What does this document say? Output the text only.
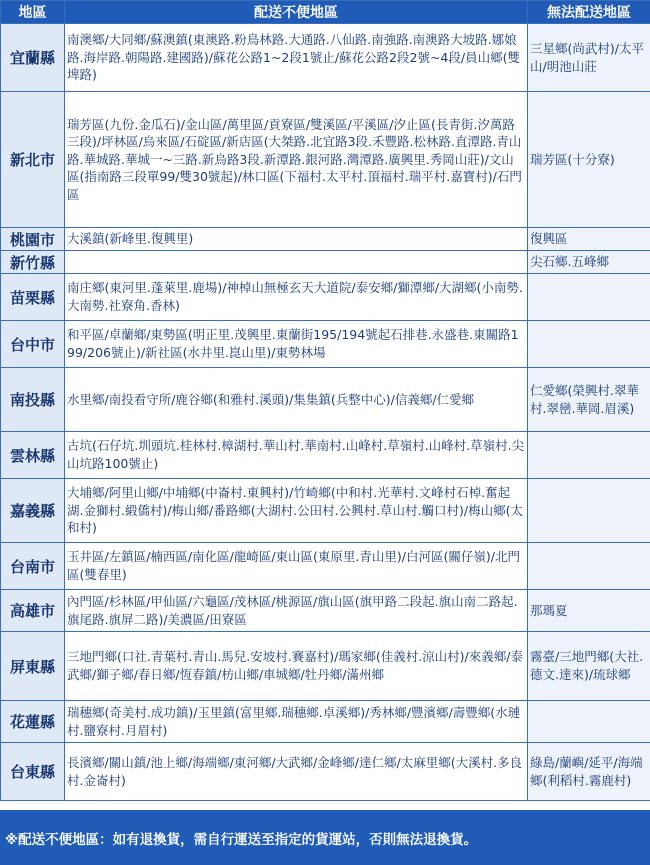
地區	配送不便地區	無法配送地區
宜蘭縣	南澳鄉/大同鄉/蘇澳鎮(東澳路.粉鳥林路.大通路.八仙路.南強路.南澳路大坡路.娜娘路.海岸路.朝陽路.建國路)/蘇花公路1~2段1號止/蘇花公路2段2號~4段/員山鄉(雙埤路)	三星鄉(尚武村)/太平山/明池山莊
新北市	瑞芳區(九份.金瓜石)/金山區/萬里區/貢寮區/雙溪區/平溪區/汐止區(長青街.汐萬路三段)/坪林區/烏來區/石碇區/新店區(大桀路.北宜路3段.禾豐路.松林路.直潭路.青山路.華城路.華城一~三路.新烏路3段.新潭路.銀河路.灣潭路.廣興里.秀岡山莊)/文山區(指南路三段單99/雙30號起)/林口區(下福村.太平村.頂福村.瑞平村.嘉寶村)/石門區	瑞芳區(十分寮)
桃園市	大溪鎮(新峰里.復興里)	復興區
新竹縣		尖石鄉.五峰鄉
苗栗縣	南庄鄉(東河里.蓬萊里.鹿場)/神棹山無極玄天大道院/泰安鄉/獅潭鄉/大湖鄉(小南勢.大南勢.社寮角.香林)	
台中市	和平區/卓蘭鄉/東勢區(明正里.茂興里.東蘭街195/194號起石排巷.永盛巷.東關路199/206號止)/新社區(水井里.崑山里)/東勢林場	
南投縣	水里鄉/南投看守所/鹿谷鄉(和雅村.溪頭)/集集鎮(兵整中心)/信義鄉/仁愛鄉	仁愛鄉(榮興村.翠華村.翠巒.華岡.眉溪)
雲林縣	古坑(石仔坑.圳頭坑.桂林村.樟湖村.華山村.華南村.山峰村.草嶺村.山峰村.草嶺村.尖山坑路100號止)	
嘉義縣	大埔鄉/阿里山鄉/中埔鄉(中崙村.東興村)/竹崎鄉(中和村.光華村.文峰村石棹.奮起湖.金獅村.緞僑村)/梅山鄉/番路鄉(大湖村.公田村.公興村.草山村.觸口村)/梅山鄉(太和村)	
台南市	玉井區/左鎮區/楠西區/南化區/龍崎區/東山區(東原里.青山里)/白河區(關仔嶺)/北門區(雙春里)	
高雄市	內門區/杉林區/甲仙區/六龜區/茂林區/桃源區/旗山區(旗甲路二段起.旗山南二路起.旗尾路.旗屏二路)/美濃區/田寮區	那瑪夏
屏東縣	三地門鄉(口社.青葉村.青山.馬兒.安坡村.賽嘉村)/瑪家鄉(佳義村.涼山村)/來義鄉/泰武鄉/獅子鄉/春日鄉/恆春鎮/枋山鄉/車城鄉/牡丹鄉/滿州鄉	霧臺/三地門鄉(大社.德文.達來)/琉球鄉
花蓮縣	瑞穗鄉(奇美村.成功鎮)/玉里鎮(富里鄉.瑞穗鄉.卓溪鄉)/秀林鄉/豐濱鄉/壽豐鄉(水璉村.鹽寮村.月眉村)	
台東縣	長濱鄉/關山鎮/池上鄉/海端鄉/東河鄉/大武鄉/金峰鄉/達仁鄉/太麻里鄉(大溪村.多良村.金崙村)	綠島/蘭嶼/延平/海端鄉(利稻村.霧鹿村)
※配送不便地區：如有退換貨，需自行運送至指定的貨運站，否則無法退換貨。
